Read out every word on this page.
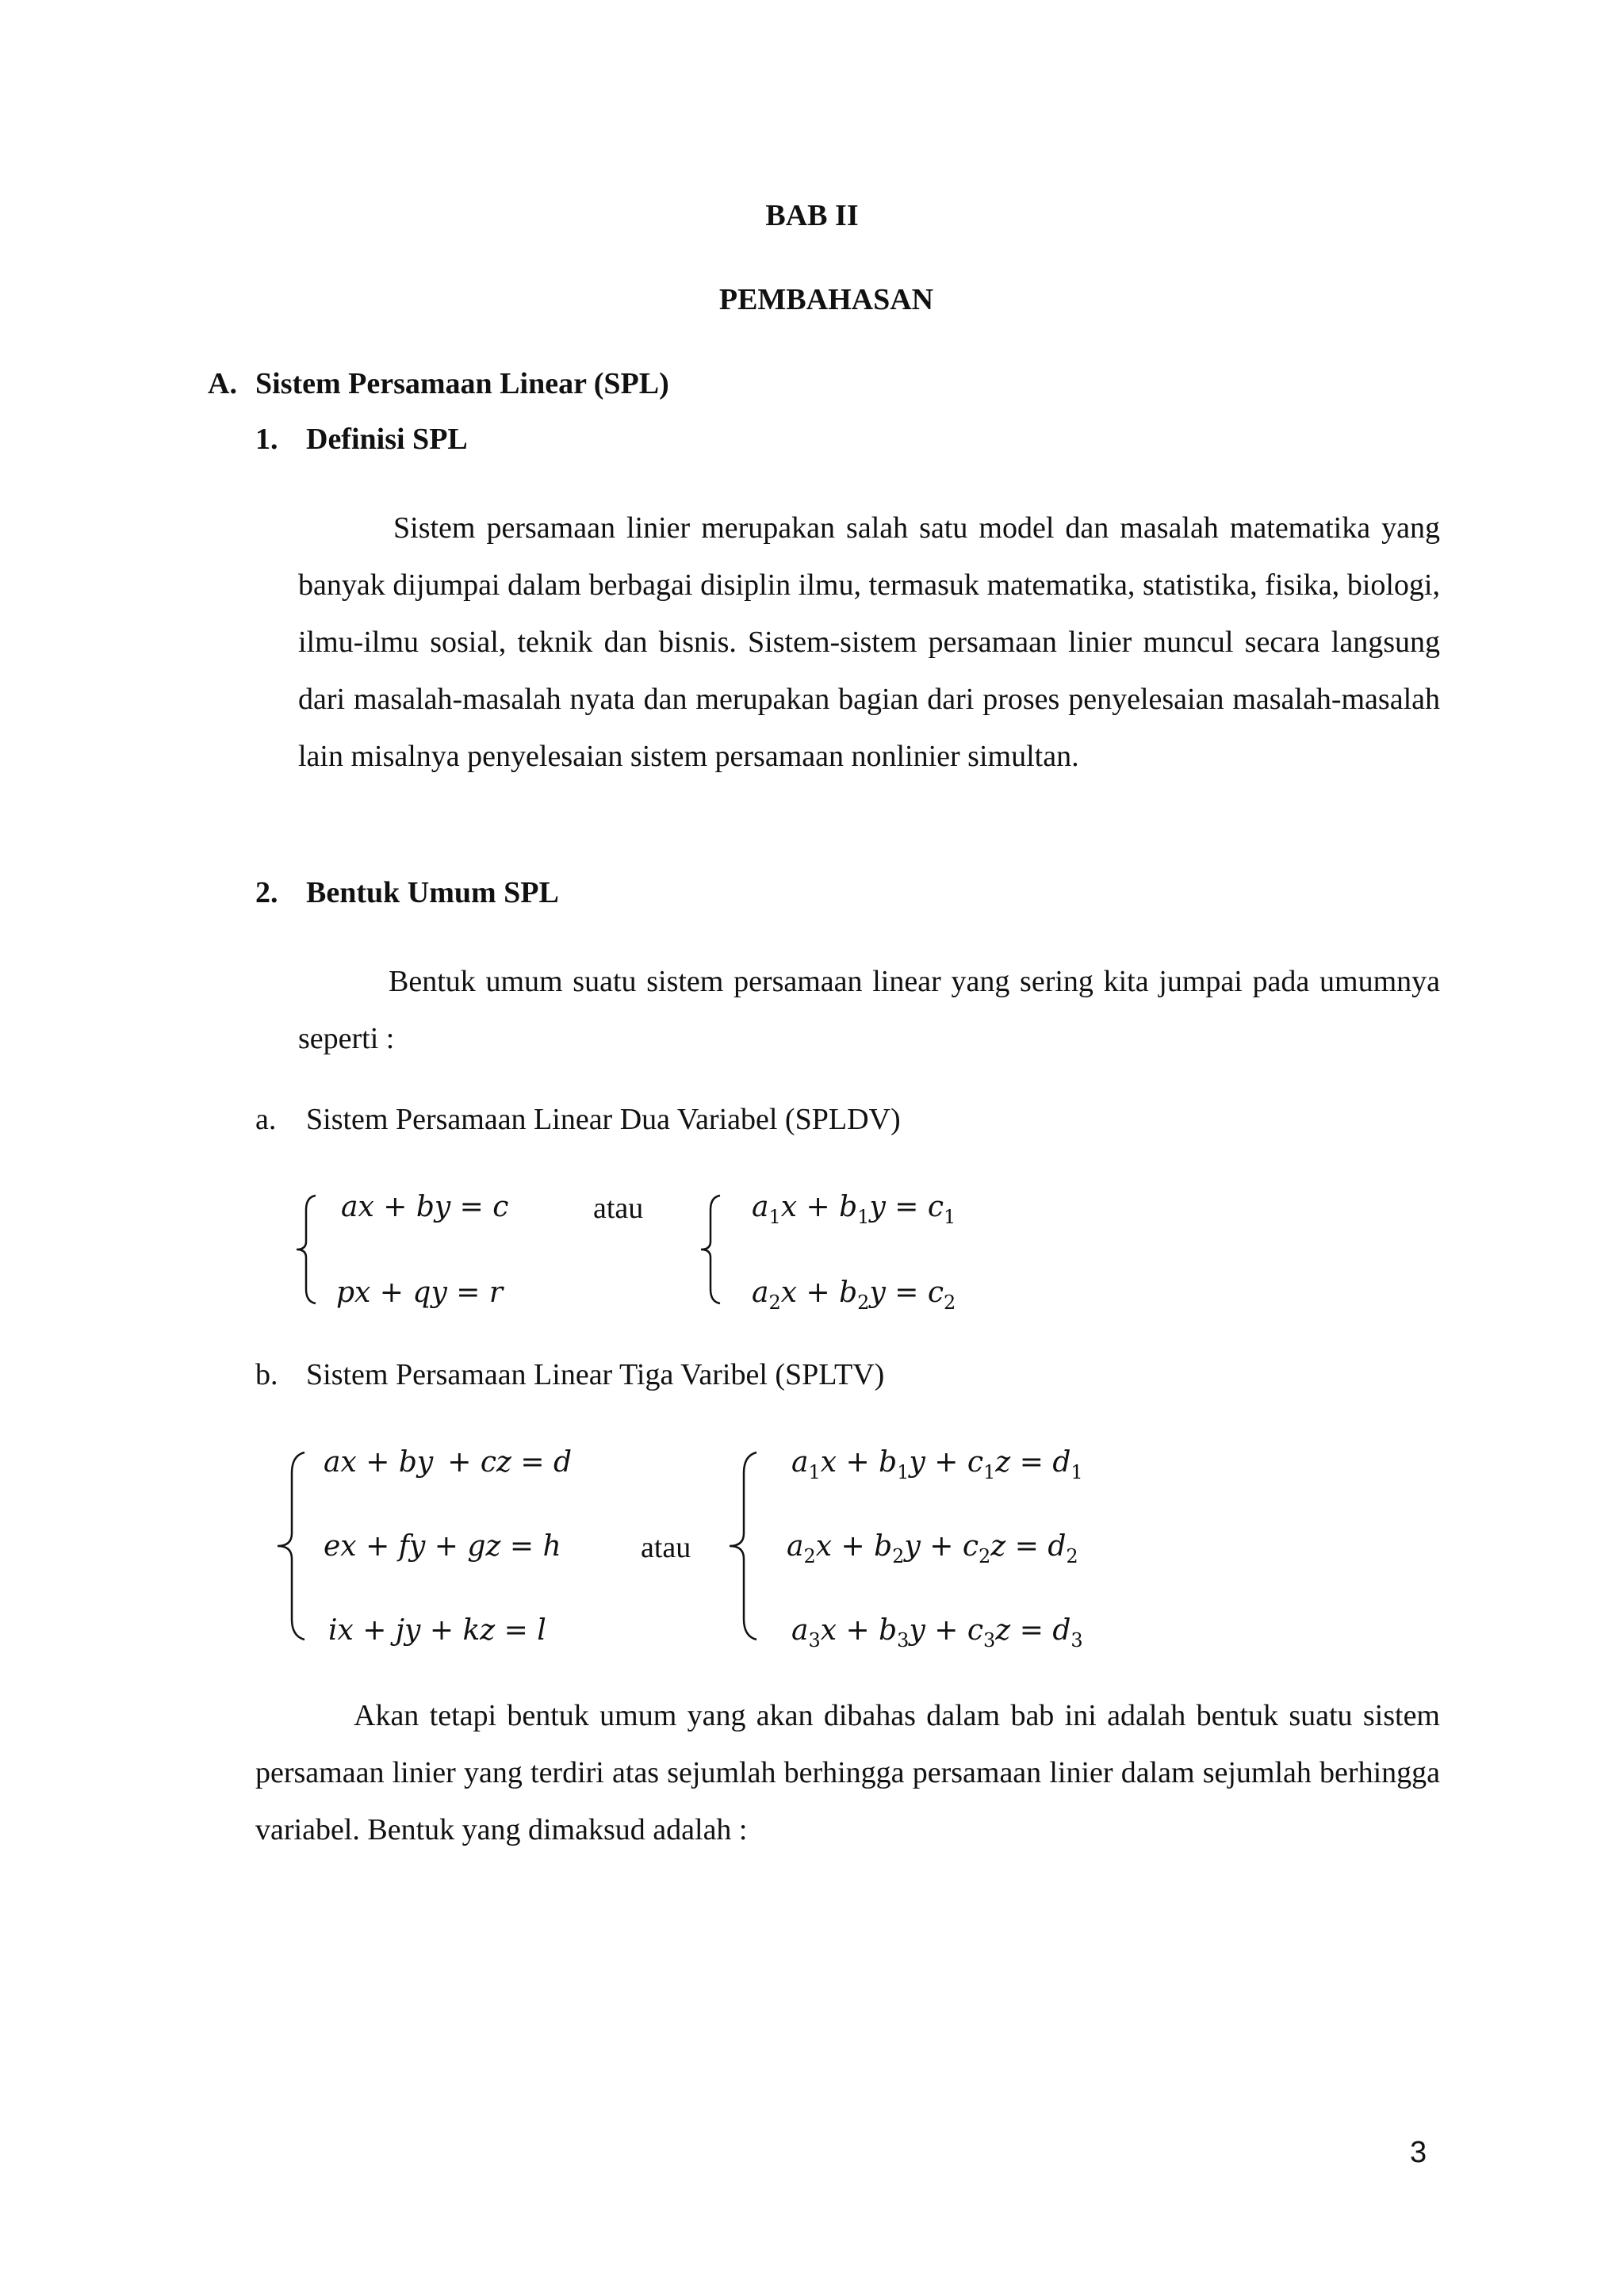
BAB II
PEMBAHASAN
A. Sistem Persamaan Linear (SPL)
1. Definisi SPL

Sistem persamaan linier merupakan salah satu model dan masalah matematika yang banyak dijumpai dalam berbagai disiplin ilmu, termasuk matematika, statistika, fisika, biologi, ilmu-ilmu sosial, teknik dan bisnis. Sistem-sistem persamaan linier muncul secara langsung dari masalah-masalah nyata dan merupakan bagian dari proses penyelesaian masalah-masalah lain misalnya penyelesaian sistem persamaan nonlinier simultan.

2. Bentuk Umum SPL

Bentuk umum suatu sistem persamaan linear yang sering kita jumpai pada umumnya seperti :

a. Sistem Persamaan Linear Dua Variabel (SPLDV)
ax + by = c
px + qy = r
atau	$a_1x + b_1y = c_1$
$a_2x + b_2y = c_2$
b. Sistem Persamaan Linear Tiga Varibel (SPLTV)
ax + by + cz = d
ex + fy + gz = h
ix + jy + kz = l
atau
$a_1x + b_1y + c_1z = d_1$
$a_2x + b_2y + c_2z = d_2$
$a_3x + b_3y + c_3z = d_3$

Akan tetapi bentuk umum yang akan dibahas dalam bab ini adalah bentuk suatu sistem persamaan linier yang terdiri atas sejumlah berhingga persamaan linier dalam sejumlah berhingga variabel. Bentuk yang dimaksud adalah :

3
